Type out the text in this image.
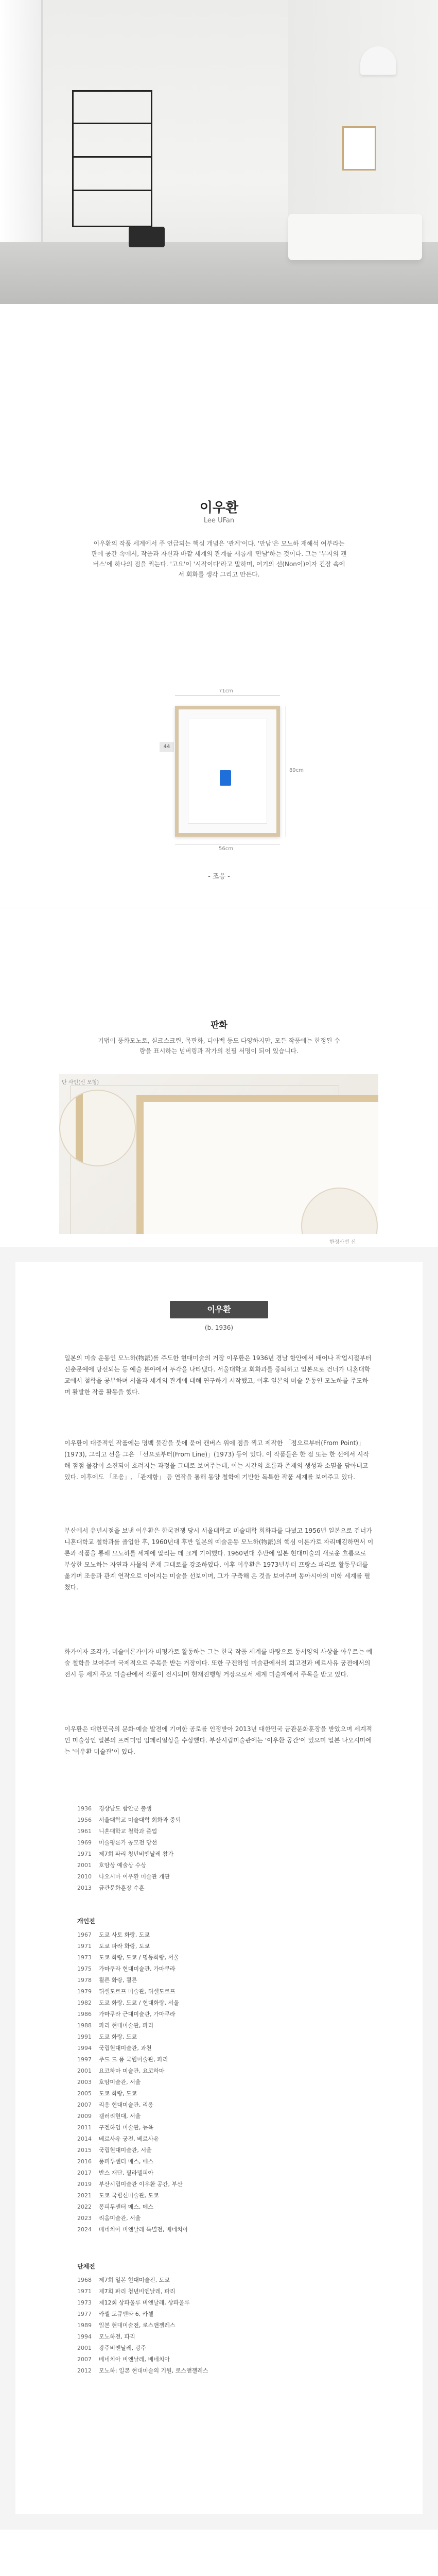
이우환
Lee UFan
이우환의 작품 세계에서 주 언급되는 핵심 개념은 '관계'이다. '만남'은 모노하 재해석 여부라는 판에 공간 속에서, 작품과 자신과 바깥 세계의 관계를 새롭게 '만남'하는 것이다. 그는 '무지의 캔버스'에 하나의 점을 찍는다. '고요'이 '시작이다'라고 말하며, 여기의 선(Non이)이자 긴장 속에서 회화를 생각 그리고 만든다.
71cm
89cm
44
56cm
- 조응 -
판화
기법이 풍화모노로, 실크스크린, 목판화, 디아벡 등도 다양하지만, 모든 작품에는 한정된 수량을 표시하는 넘버링과 작가의 친필 서명이 되어 있습니다.
단 사인(신 모형)
한정사번 신
이우환
(b. 1936)
일본의 미술 운동인 모노하(物派)를 주도한 현대미술의 거장 이우환은 1936년 경남 함안에서 태어나 작업시절부터 신춘문예에 당선되는 등 예술 분야에서 두각을 나타냈다. 서울대학교 회화과를 중퇴하고 일본으로 건너가 니혼대학교에서 철학을 공부하며 서울과 세계의 관계에 대해 연구하기 시작했고, 이후 일본의 미술 운동인 모노하를 주도하며 활발한 작품 활동을 했다.
이우환이 대중적인 작품에는 명백 물감을 붓에 묻어 캔버스 위에 점을 찍고 제작한 「점으로부터(From Point)」(1973), 그리고 선을 그은 「선으로부터(From Line)」(1973) 등이 있다. 이 작품들은 한 점 또는 한 선에서 시작해 점점 물감이 소진되어 흐려지는 과정을 그대로 보여주는데, 이는 시간의 흐름과 존재의 생성과 소멸을 담아내고 있다. 이후에도 「조응」, 「관계항」 등 연작을 통해 동양 철학에 기반한 독특한 작품 세계를 보여주고 있다.
부산에서 유년시절을 보낸 이우환은 한국전쟁 당시 서울대학교 미술대학 회화과를 다녔고 1956년 일본으로 건너가 니혼대학교 철학과를 졸업한 후, 1960년대 후반 일본의 예술운동 모노하(物派)의 핵심 이론가로 자리매김하면서 이론과 작품을 통해 모노하를 세계에 알리는 데 크게 기여했다. 1960년대 후반에 일본 현대미술의 새로운 흐름으로 부상한 모노하는 자연과 사물의 존재 그대로를 강조하였다. 이후 이우환은 1973년부터 프랑스 파리로 활동무대를 옮기며 조응과 관계 연작으로 이어지는 미술을 선보이며, 그가 구축해 온 것을 보여주며 동아시아의 미학 세계를 펼쳤다.
화가이자 조각가, 미술이론가이자 비평가로 활동하는 그는 한국 작품 세계를 바탕으로 동서양의 사상을 아우르는 예술 철학을 보여주며 국제적으로 주목을 받는 거장이다. 또한 구겐하임 미술관에서의 회고전과 베르사유 궁전에서의 전시 등 세계 주요 미술관에서 작품이 전시되며 현재진행형 거장으로서 세계 미술계에서 주목을 받고 있다.
이우환은 대한민국의 문화·예술 발전에 기여한 공로를 인정받아 2013년 대한민국 금관문화훈장을 받았으며 세계적인 미술상인 일본의 프레미엄 임페리얼상을 수상했다. 부산시립미술관에는 '이우환 공간'이 있으며 일본 나오시마에는 '이우환 미술관'이 있다.
1936	경상남도 함안군 출생
1956	서울대학교 미술대학 회화과 중퇴
1961	니혼대학교 철학과 졸업
1969	미술평론가 공모전 당선
1971	제7회 파리 청년비엔날레 참가
2001	호암상 예술상 수상
2010	나오시마 이우환 미술관 개관
2013	금관문화훈장 수훈
개인전
1967	도쿄 사토 화랑, 도쿄
1971	도쿄 파라 화랑, 도쿄
1973	도쿄 화랑, 도쿄 / 명동화랑, 서울
1975	가마쿠라 현대미술관, 가마쿠라
1978	쾰른 화랑, 쾰른
1979	뒤셀도르프 미술관, 뒤셀도르프
1982	도쿄 화랑, 도쿄 / 현대화랑, 서울
1986	가마쿠라 근대미술관, 가마쿠라
1988	파리 현대미술관, 파리
1991	도쿄 화랑, 도쿄
1994	국립현대미술관, 과천
1997	주드 드 폼 국립미술관, 파리
2001	요코하마 미술관, 요코하마
2003	호암미술관, 서울
2005	도쿄 화랑, 도쿄
2007	리옹 현대미술관, 리옹
2009	갤러리현대, 서울
2011	구겐하임 미술관, 뉴욕
2014	베르사유 궁전, 베르사유
2015	국립현대미술관, 서울
2016	퐁피두센터 메스, 메스
2017	반스 재단, 필라델피아
2019	부산시립미술관 이우환 공간, 부산
2021	도쿄 국립신미술관, 도쿄
2022	퐁피두센터 메스, 메스
2023	리움미술관, 서울
2024	베네치아 비엔날레 특별전, 베네치아
단체전
1968	제7회 일본 현대미술전, 도쿄
1971	제7회 파리 청년비엔날레, 파리
1973	제12회 상파울루 비엔날레, 상파울루
1977	카셀 도큐멘타 6, 카셀
1989	일본 현대미술전, 로스앤젤레스
1994	모노하전, 파리
2001	광주비엔날레, 광주
2007	베네치아 비엔날레, 베네치아
2012	모노하: 일본 현대미술의 기원, 로스앤젤레스
